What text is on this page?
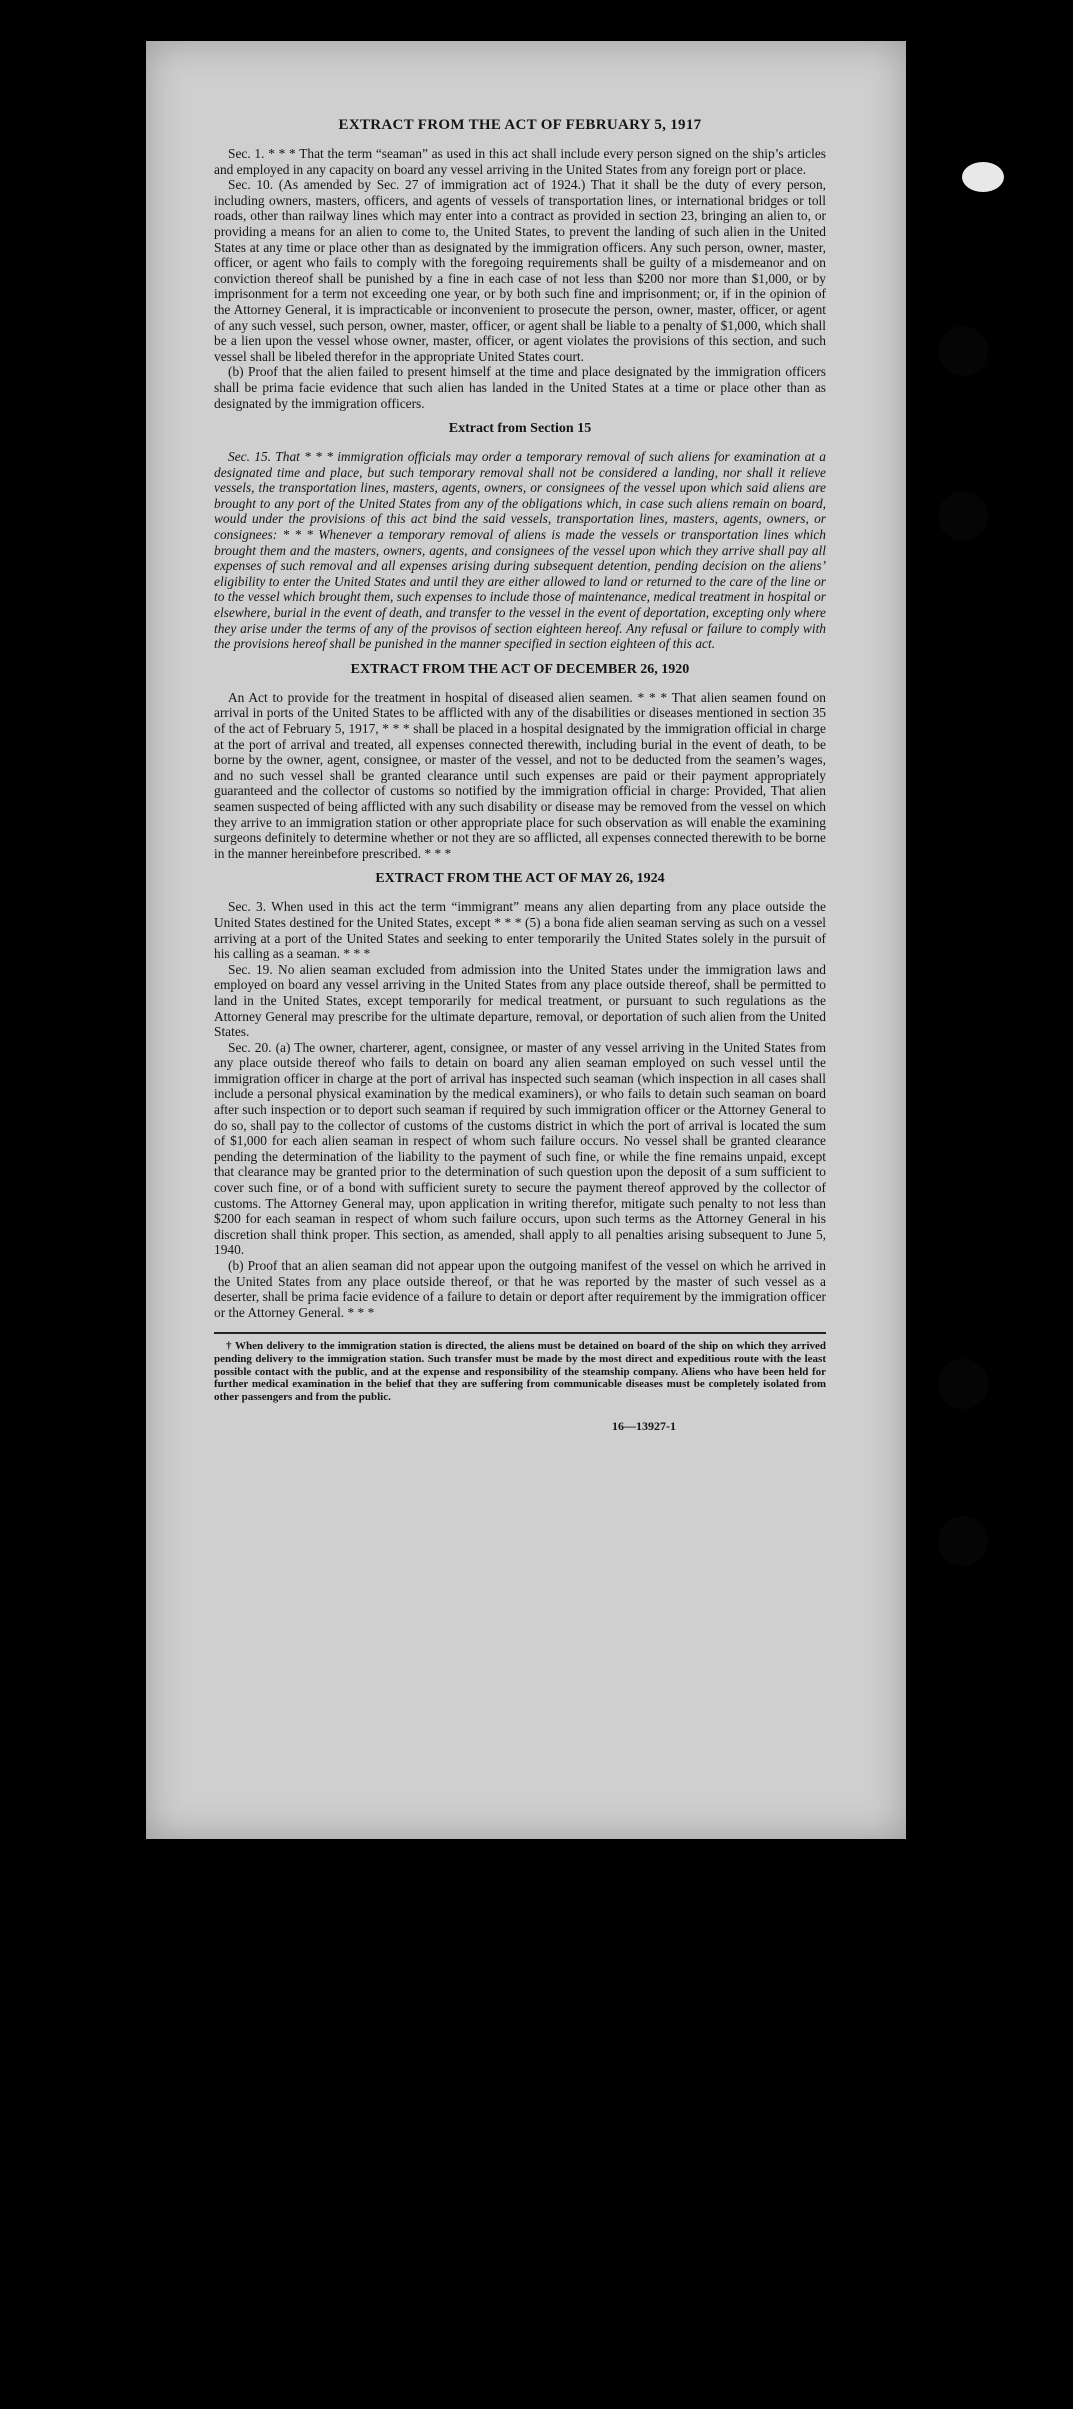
EXTRACT FROM THE ACT OF FEBRUARY 5, 1917

Sec. 1. * * * That the term “seaman” as used in this act shall include every person signed on the ship’s articles and employed in any capacity on board any vessel arriving in the United States from any foreign port or place.

Sec. 10. (As amended by Sec. 27 of immigration act of 1924.) That it shall be the duty of every person, including owners, masters, officers, and agents of vessels of transportation lines, or international bridges or toll roads, other than railway lines which may enter into a contract as provided in section 23, bringing an alien to, or providing a means for an alien to come to, the United States, to prevent the landing of such alien in the United States at any time or place other than as designated by the immigration officers. Any such person, owner, master, officer, or agent who fails to comply with the foregoing requirements shall be guilty of a misdemeanor and on conviction thereof shall be punished by a fine in each case of not less than $200 nor more than $1,000, or by imprisonment for a term not exceeding one year, or by both such fine and imprisonment; or, if in the opinion of the Attorney General, it is impracticable or inconvenient to prosecute the person, owner, master, officer, or agent of any such vessel, such person, owner, master, officer, or agent shall be liable to a penalty of $1,000, which shall be a lien upon the vessel whose owner, master, officer, or agent violates the provisions of this section, and such vessel shall be libeled therefor in the appropriate United States court.

(b) Proof that the alien failed to present himself at the time and place designated by the immigration officers shall be prima facie evidence that such alien has landed in the United States at a time or place other than as designated by the immigration officers.

Extract from Section 15

Sec. 15. That * * * immigration officials may order a temporary removal of such aliens for examination at a designated time and place, but such temporary removal shall not be considered a landing, nor shall it relieve vessels, the transportation lines, masters, agents, owners, or consignees of the vessel upon which said aliens are brought to any port of the United States from any of the obligations which, in case such aliens remain on board, would under the provisions of this act bind the said vessels, transportation lines, masters, agents, owners, or consignees: * * * Whenever a temporary removal of aliens is made the vessels or transportation lines which brought them and the masters, owners, agents, and consignees of the vessel upon which they arrive shall pay all expenses of such removal and all expenses arising during subsequent detention, pending decision on the aliens’ eligibility to enter the United States and until they are either allowed to land or returned to the care of the line or to the vessel which brought them, such expenses to include those of maintenance, medical treatment in hospital or elsewhere, burial in the event of death, and transfer to the vessel in the event of deportation, excepting only where they arise under the terms of any of the provisos of section eighteen hereof. Any refusal or failure to comply with the provisions hereof shall be punished in the manner specified in section eighteen of this act.

EXTRACT FROM THE ACT OF DECEMBER 26, 1920

An Act to provide for the treatment in hospital of diseased alien seamen. * * * That alien seamen found on arrival in ports of the United States to be afflicted with any of the disabilities or diseases mentioned in section 35 of the act of February 5, 1917, * * * shall be placed in a hospital designated by the immigration official in charge at the port of arrival and treated, all expenses connected therewith, including burial in the event of death, to be borne by the owner, agent, consignee, or master of the vessel, and not to be deducted from the seamen’s wages, and no such vessel shall be granted clearance until such expenses are paid or their payment appropriately guaranteed and the collector of customs so notified by the immigration official in charge: Provided, That alien seamen suspected of being afflicted with any such disability or disease may be removed from the vessel on which they arrive to an immigration station or other appropriate place for such observation as will enable the examining surgeons definitely to determine whether or not they are so afflicted, all expenses connected therewith to be borne in the manner hereinbefore prescribed. * * *

EXTRACT FROM THE ACT OF MAY 26, 1924

Sec. 3. When used in this act the term “immigrant” means any alien departing from any place outside the United States destined for the United States, except * * * (5) a bona fide alien seaman serving as such on a vessel arriving at a port of the United States and seeking to enter temporarily the United States solely in the pursuit of his calling as a seaman. * * *

Sec. 19. No alien seaman excluded from admission into the United States under the immigration laws and employed on board any vessel arriving in the United States from any place outside thereof, shall be permitted to land in the United States, except temporarily for medical treatment, or pursuant to such regulations as the Attorney General may prescribe for the ultimate departure, removal, or deportation of such alien from the United States.

Sec. 20. (a) The owner, charterer, agent, consignee, or master of any vessel arriving in the United States from any place outside thereof who fails to detain on board any alien seaman employed on such vessel until the immigration officer in charge at the port of arrival has inspected such seaman (which inspection in all cases shall include a personal physical examination by the medical examiners), or who fails to detain such seaman on board after such inspection or to deport such seaman if required by such immigration officer or the Attorney General to do so, shall pay to the collector of customs of the customs district in which the port of arrival is located the sum of $1,000 for each alien seaman in respect of whom such failure occurs. No vessel shall be granted clearance pending the determination of the liability to the payment of such fine, or while the fine remains unpaid, except that clearance may be granted prior to the determination of such question upon the deposit of a sum sufficient to cover such fine, or of a bond with sufficient surety to secure the payment thereof approved by the collector of customs. The Attorney General may, upon application in writing therefor, mitigate such penalty to not less than $200 for each seaman in respect of whom such failure occurs, upon such terms as the Attorney General in his discretion shall think proper. This section, as amended, shall apply to all penalties arising subsequent to June 5, 1940.

(b) Proof that an alien seaman did not appear upon the outgoing manifest of the vessel on which he arrived in the United States from any place outside thereof, or that he was reported by the master of such vessel as a deserter, shall be prima facie evidence of a failure to detain or deport after requirement by the immigration officer or the Attorney General. * * *

† When delivery to the immigration station is directed, the aliens must be detained on board of the ship on which they arrived pending delivery to the immigration station. Such transfer must be made by the most direct and expeditious route with the least possible contact with the public, and at the expense and responsibility of the steamship company. Aliens who have been held for further medical examination in the belief that they are suffering from communicable diseases must be completely isolated from other passengers and from the public.

16—13927-1
